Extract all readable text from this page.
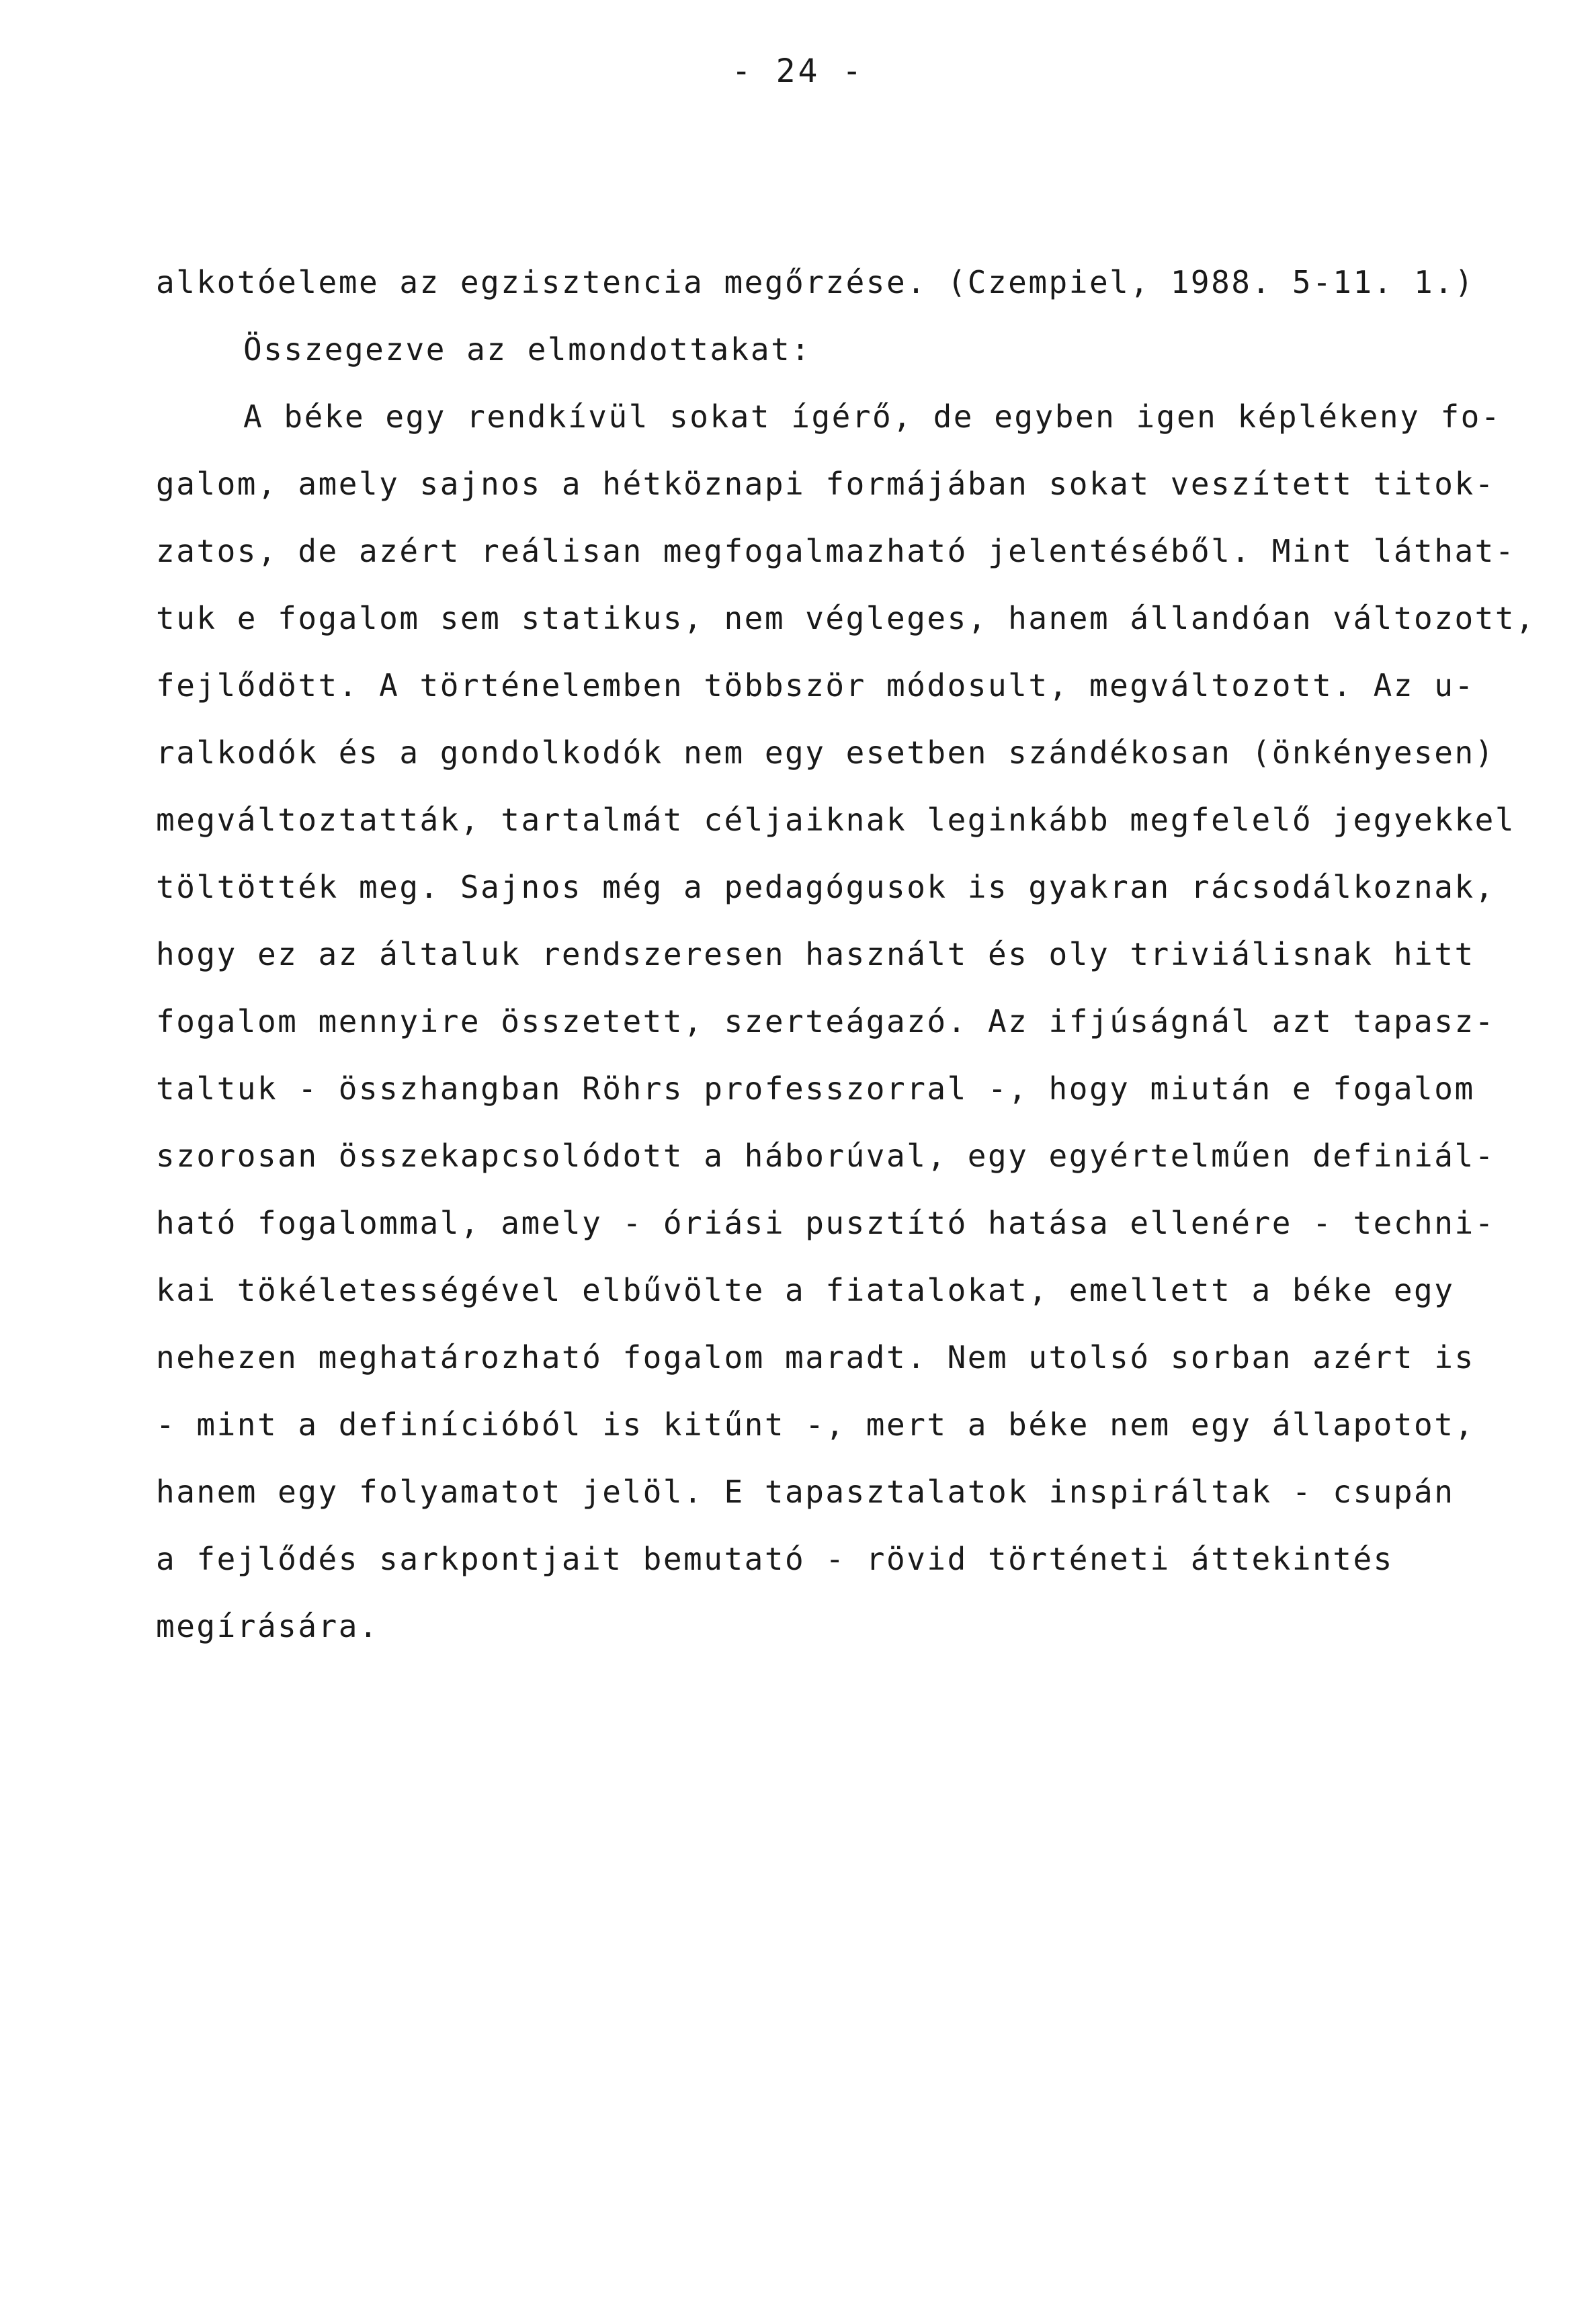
- 24 -
alkotóeleme az egzisztencia megőrzése. (Czempiel, 1988. 5-11. 1.)
Összegezve az elmondottakat:
A béke egy rendkívül sokat ígérő, de egyben igen képlékeny fo-
galom, amely sajnos a hétköznapi formájában sokat veszített titok-
zatos, de azért reálisan megfogalmazható jelentéséből. Mint láthat-
tuk e fogalom sem statikus, nem végleges, hanem állandóan változott,
fejlődött. A történelemben többször módosult, megváltozott. Az u-
ralkodók és a gondolkodók nem egy esetben szándékosan (önkényesen)
megváltoztatták, tartalmát céljaiknak leginkább megfelelő jegyekkel
töltötték meg. Sajnos még a pedagógusok is gyakran rácsodálkoznak,
hogy ez az általuk rendszeresen használt és oly triviálisnak hitt
fogalom mennyire összetett, szerteágazó. Az ifjúságnál azt tapasz-
taltuk - összhangban Röhrs professzorral -, hogy miután e fogalom
szorosan összekapcsolódott a háborúval, egy egyértelműen definiál-
ható fogalommal, amely - óriási pusztító hatása ellenére - techni-
kai tökéletességével elbűvölte a fiatalokat, emellett a béke egy
nehezen meghatározható fogalom maradt. Nem utolsó sorban azért is
- mint a definícióból is kitűnt -, mert a béke nem egy állapotot,
hanem egy folyamatot jelöl. E tapasztalatok inspiráltak - csupán
a fejlődés sarkpontjait bemutató - rövid történeti áttekintés
megírására.
